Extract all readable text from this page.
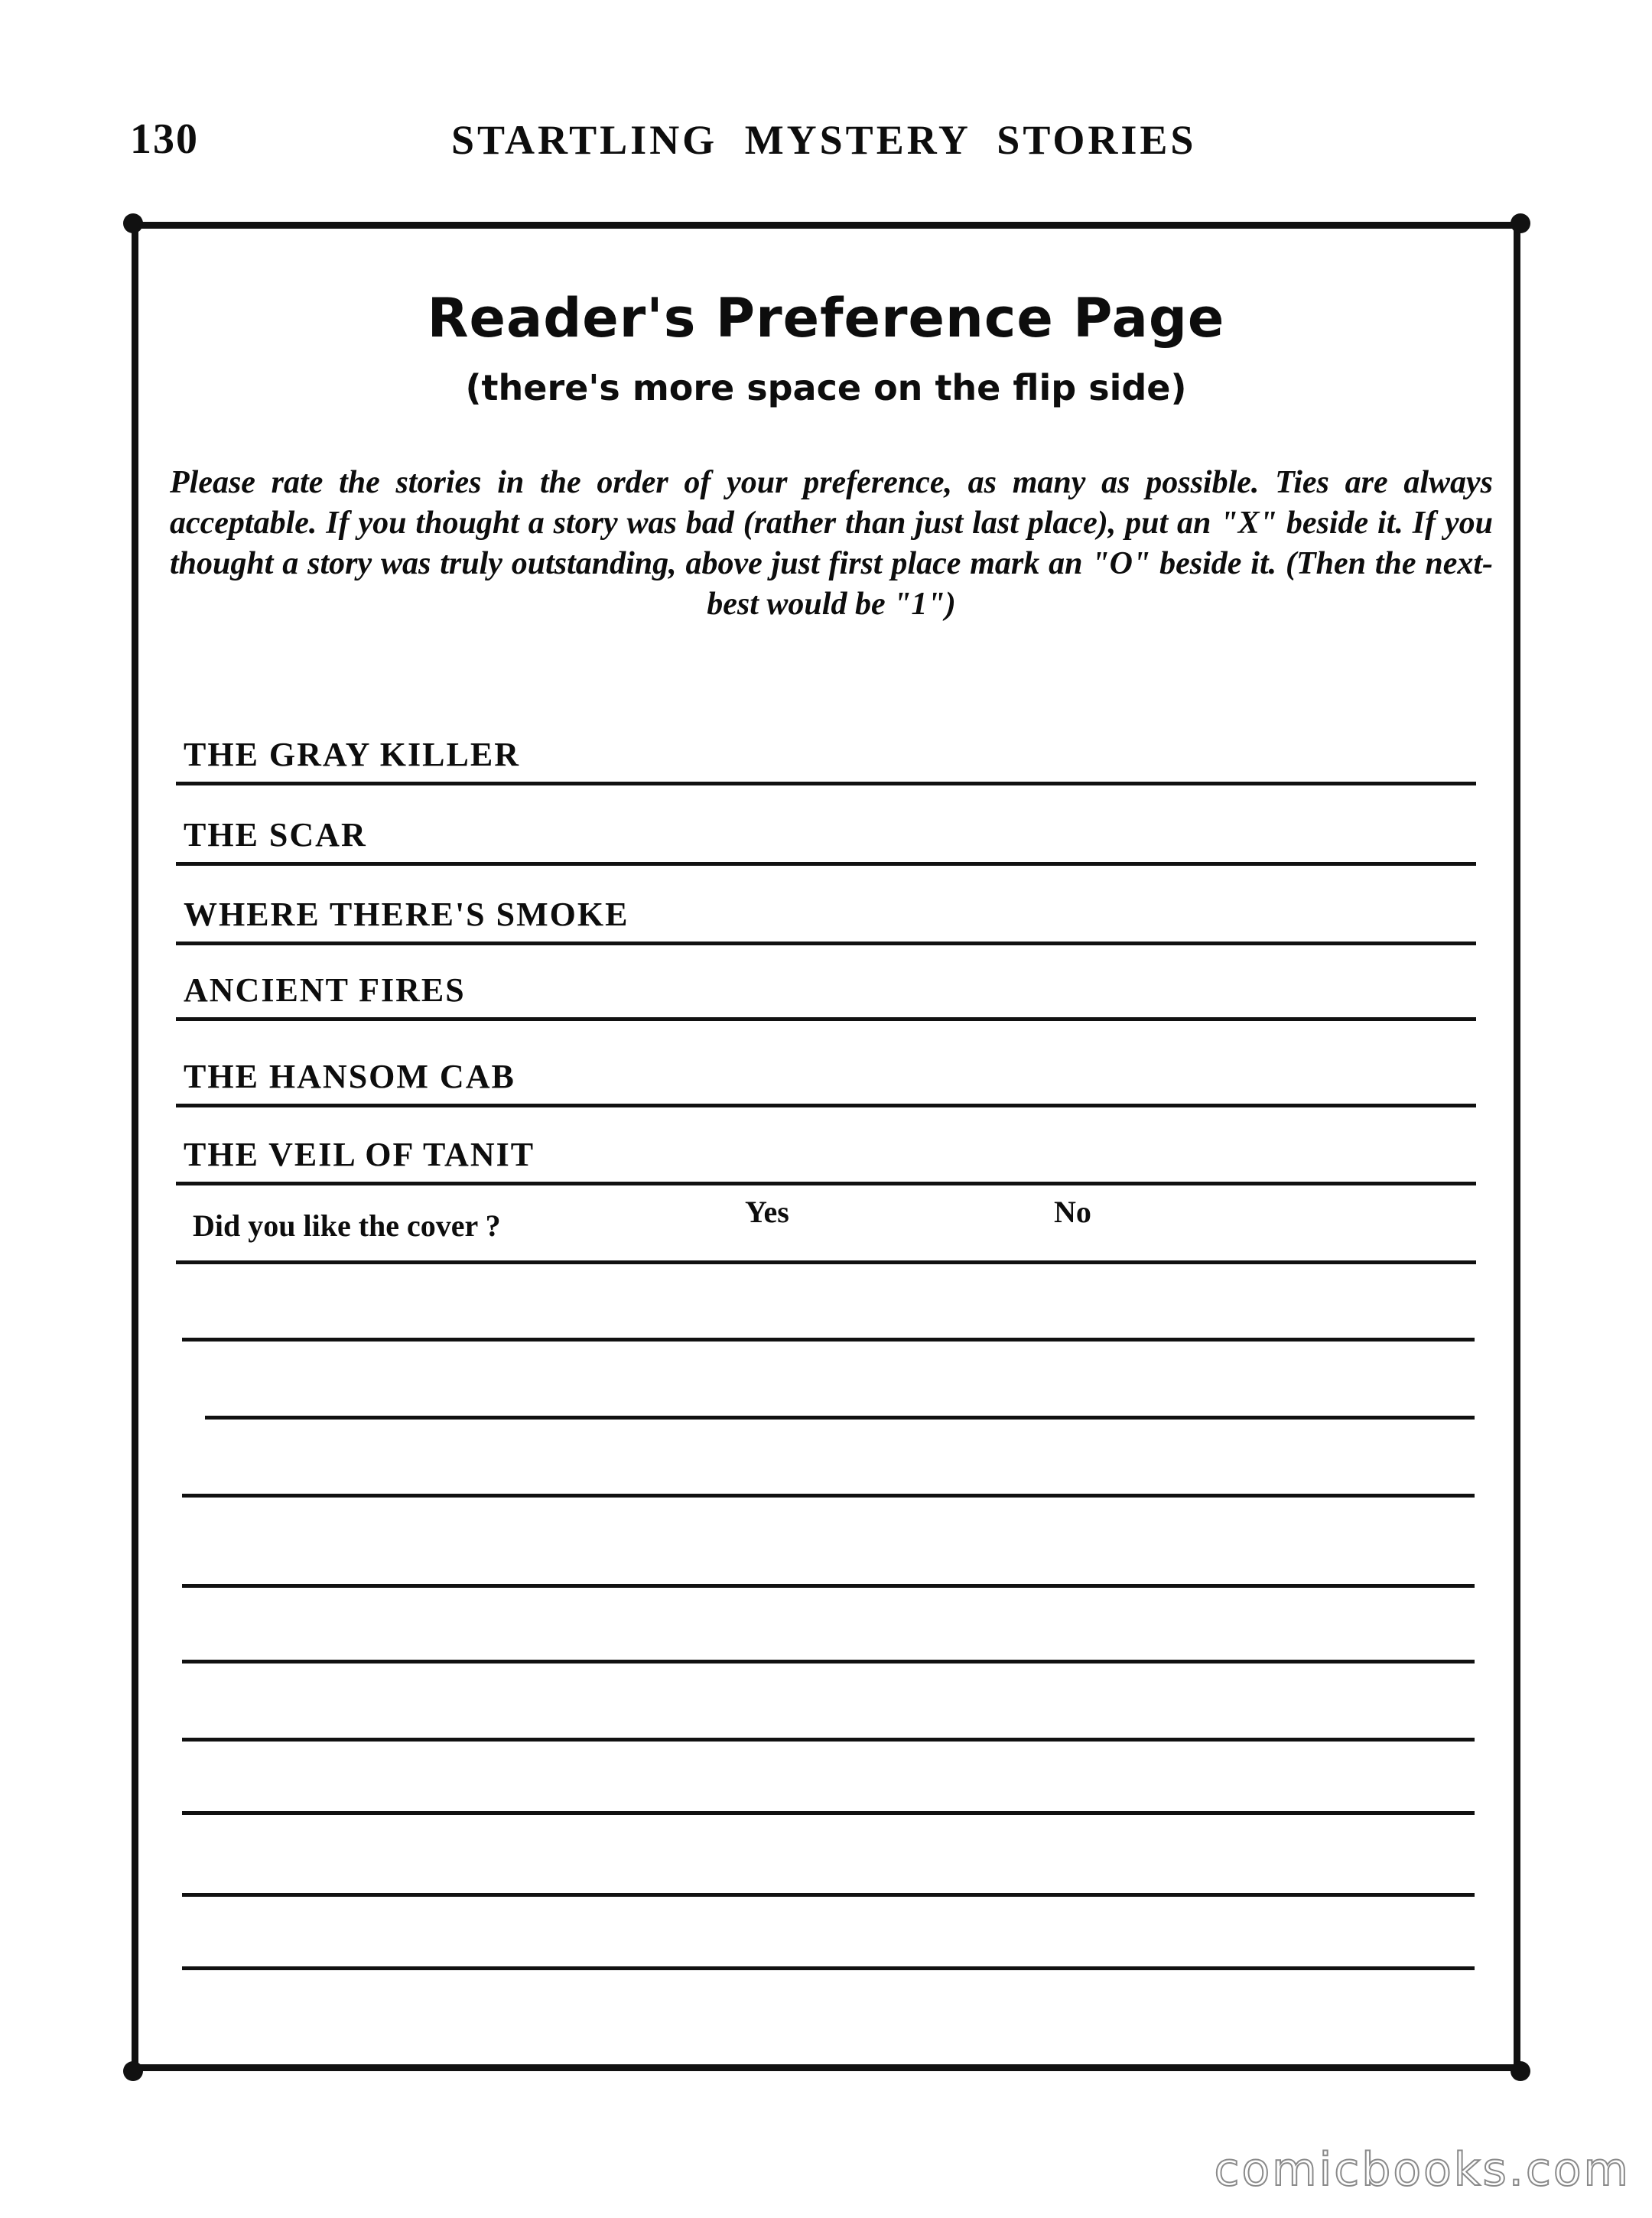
130	STARTLING MYSTERY STORIES
Reader's Preference Page
(there's more space on the flip side)
Please rate the stories in the order of your preference, as many as possible. Ties are always acceptable. If you thought a story was bad (rather than just last place), put an "X" beside it. If you thought a story was truly outstanding, above just first place mark an "O" beside it. (Then the next-best would be "1")
THE GRAY KILLER
THE SCAR
WHERE THERE'S SMOKE
ANCIENT FIRES
THE HANSOM CAB
THE VEIL OF TANIT
Did you like the cover ?	Yes	No
comicbooks.com
